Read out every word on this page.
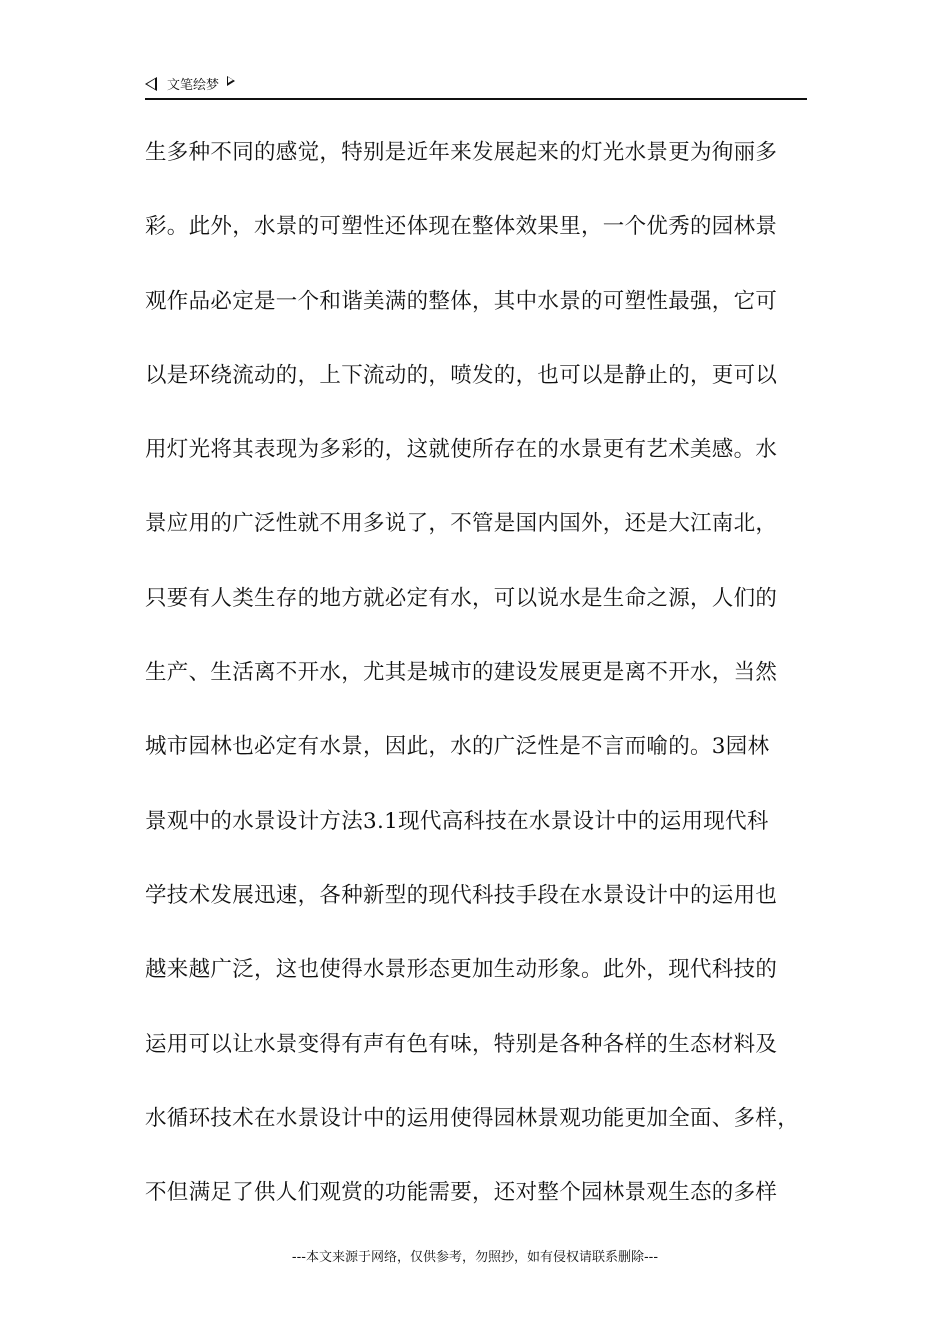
文笔绘梦
生多种不同的感觉，特别是近年来发展起来的灯光水景更为徇丽多
彩。此外，水景的可塑性还体现在整体效果里，一个优秀的园林景
观作品必定是一个和谐美满的整体，其中水景的可塑性最强，它可
以是环绕流动的，上下流动的，喷发的，也可以是静止的，更可以
用灯光将其表现为多彩的，这就使所存在的水景更有艺术美感。水
景应用的广泛性就不用多说了，不管是国内国外，还是大江南北，
只要有人类生存的地方就必定有水，可以说水是生命之源，人们的
生产、生活离不开水，尤其是城市的建设发展更是离不开水，当然
城市园林也必定有水景，因此，水的广泛性是不言而喻的。3园林
景观中的水景设计方法3.1现代高科技在水景设计中的运用现代科
学技术发展迅速，各种新型的现代科技手段在水景设计中的运用也
越来越广泛，这也使得水景形态更加生动形象。此外，现代科技的
运用可以让水景变得有声有色有味，特别是各种各样的生态材料及
水循环技术在水景设计中的运用使得园林景观功能更加全面、多样，
不但满足了供人们观赏的功能需要，还对整个园林景观生态的多样
---本文来源于网络，仅供参考，勿照抄，如有侵权请联系删除---
